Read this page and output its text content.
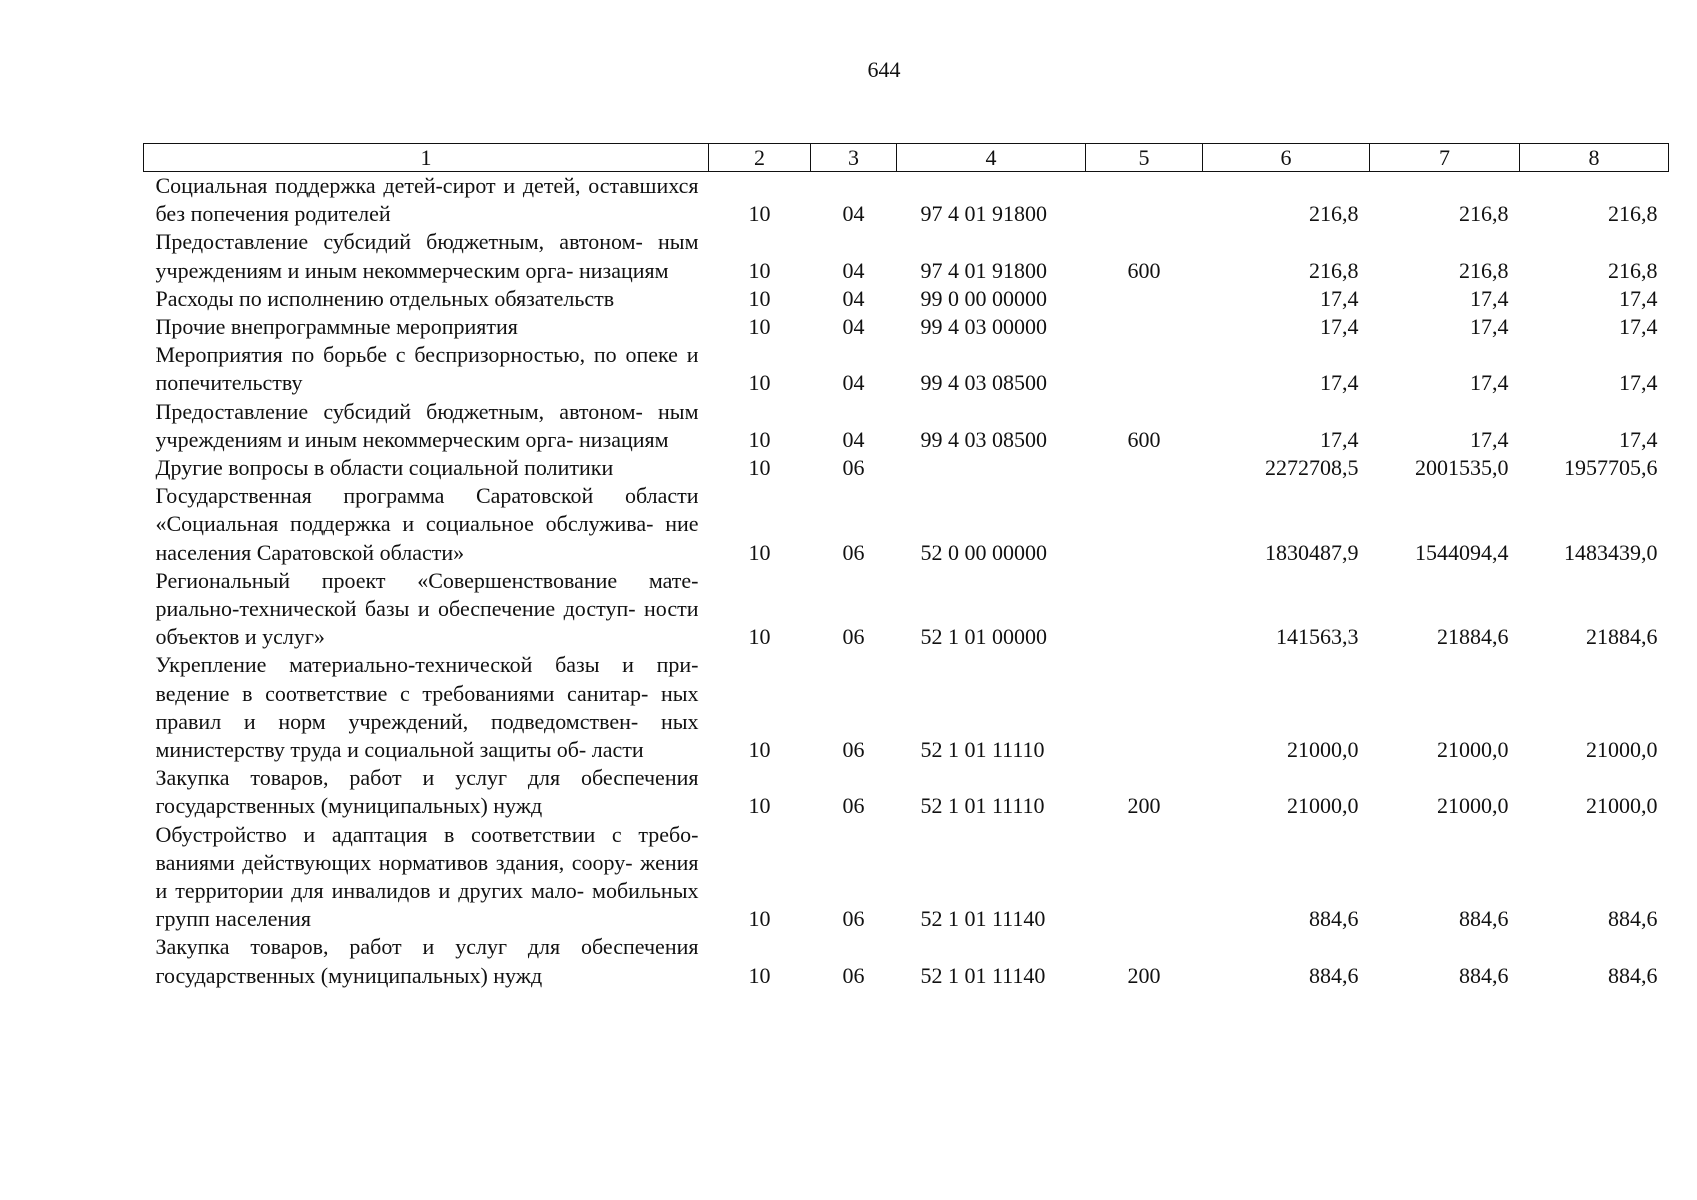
644
1	2	3	4	5	6	7	8
Социальная поддержка детей-сирот и детей, оставшихся без попечения родителей	10	04	97 4 01 91800		216,8	216,8	216,8
Предоставление субсидий бюджетным, автоном- ным учреждениям и иным некоммерческим орга- низациям	10	04	97 4 01 91800	600	216,8	216,8	216,8
Расходы по исполнению отдельных обязательств	10	04	99 0 00 00000		17,4	17,4	17,4
Прочие внепрограммные мероприятия	10	04	99 4 03 00000		17,4	17,4	17,4
Мероприятия по борьбе с беспризорностью, по опеке и попечительству	10	04	99 4 03 08500		17,4	17,4	17,4
Предоставление субсидий бюджетным, автоном- ным учреждениям и иным некоммерческим орга- низациям	10	04	99 4 03 08500	600	17,4	17,4	17,4
Другие вопросы в области социальной политики	10	06			2272708,5	2001535,0	1957705,6
Государственная программа Саратовской области «Социальная поддержка и социальное обслужива- ние населения Саратовской области»	10	06	52 0 00 00000		1830487,9	1544094,4	1483439,0
Региональный проект «Совершенствование мате- риально-технической базы и обеспечение доступ- ности объектов и услуг»	10	06	52 1 01 00000		141563,3	21884,6	21884,6
Укрепление материально-технической базы и при- ведение в соответствие с требованиями санитар- ных правил и норм учреждений, подведомствен- ных министерству труда и социальной защиты об- ласти	10	06	52 1 01 11110		21000,0	21000,0	21000,0
Закупка товаров, работ и услуг для обеспечения государственных (муниципальных) нужд	10	06	52 1 01 11110	200	21000,0	21000,0	21000,0
Обустройство и адаптация в соответствии с требо- ваниями действующих нормативов здания, соору- жения и территории для инвалидов и других мало- мобильных групп населения	10	06	52 1 01 11140		884,6	884,6	884,6
Закупка товаров, работ и услуг для обеспечения государственных (муниципальных) нужд	10	06	52 1 01 11140	200	884,6	884,6	884,6
